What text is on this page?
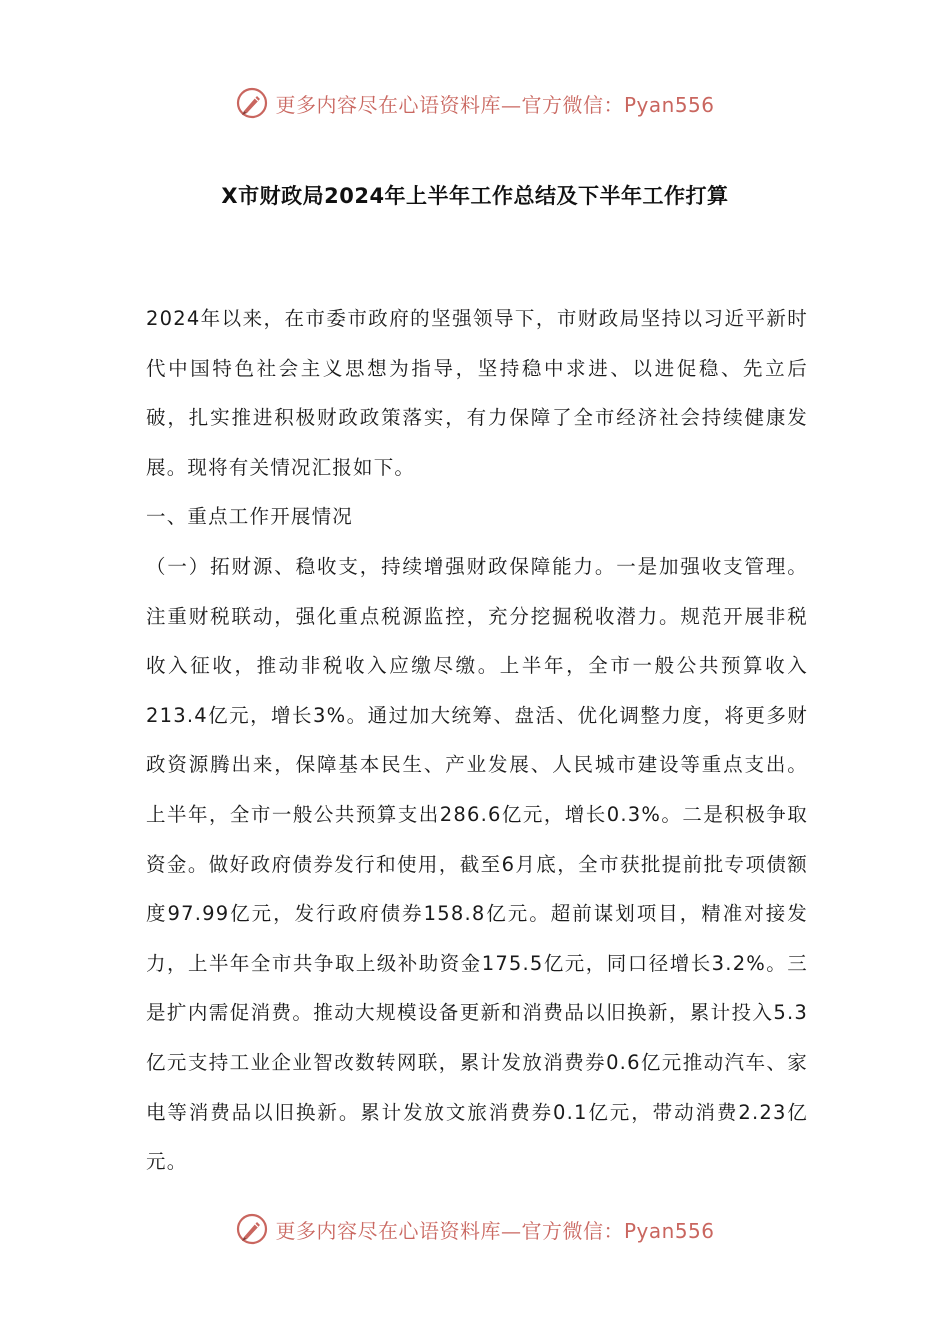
更多内容尽在心语资料库—官方微信：Pyan556
X市财政局2024年上半年工作总结及下半年工作打算

2024年以来，在市委市政府的坚强领导下，市财政局坚持以习近平新时代中国特色社会主义思想为指导，坚持稳中求进、以进促稳、先立后破，扎实推进积极财政政策落实，有力保障了全市经济社会持续健康发展。现将有关情况汇报如下。

一、重点工作开展情况

（一）拓财源、稳收支，持续增强财政保障能力。一是加强收支管理。注重财税联动，强化重点税源监控，充分挖掘税收潜力。规范开展非税收入征收，推动非税收入应缴尽缴。上半年，全市一般公共预算收入213.4亿元，增长3%。通过加大统筹、盘活、优化调整力度，将更多财政资源腾出来，保障基本民生、产业发展、人民城市建设等重点支出。上半年，全市一般公共预算支出286.6亿元，增长0.3%。二是积极争取资金。做好政府债券发行和使用，截至6月底，全市获批提前批专项债额度97.99亿元，发行政府债券158.8亿元。超前谋划项目，精准对接发力，上半年全市共争取上级补助资金175.5亿元，同口径增长3.2%。三是扩内需促消费。推动大规模设备更新和消费品以旧换新，累计投入5.3亿元支持工业企业智改数转网联，累计发放消费券0.6亿元推动汽车、家电等消费品以旧换新。累计发放文旅消费券0.1亿元，带动消费2.23亿元。

更多内容尽在心语资料库—官方微信：Pyan556
